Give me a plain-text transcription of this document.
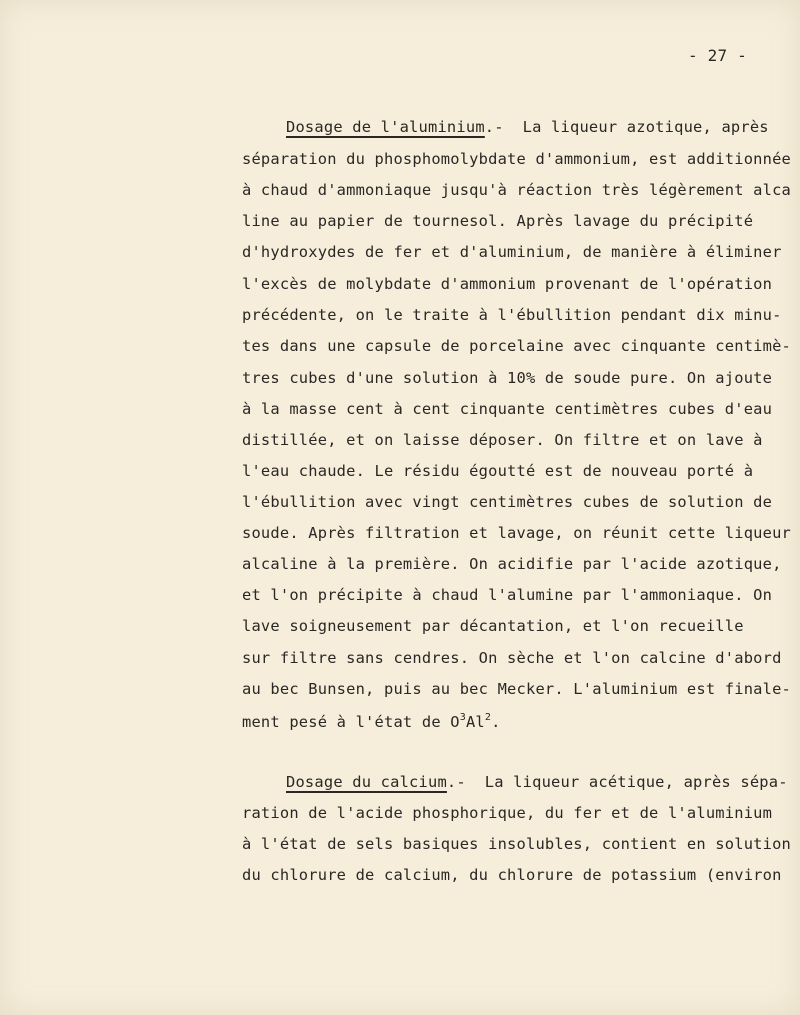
- 27 -
Dosage de l'aluminium.-  La liqueur azotique, après
séparation du phosphomolybdate d'ammonium, est additionnée
à chaud d'ammoniaque jusqu'à réaction très légèrement alca
line au papier de tournesol. Après lavage du précipité
d'hydroxydes de fer et d'aluminium, de manière à éliminer
l'excès de molybdate d'ammonium provenant de l'opération
précédente, on le traite à l'ébullition pendant dix minu-
tes dans une capsule de porcelaine avec cinquante centimè-
tres cubes d'une solution à 10% de soude pure. On ajoute
à la masse cent à cent cinquante centimètres cubes d'eau
distillée, et on laisse déposer. On filtre et on lave à
l'eau chaude. Le résidu égoutté est de nouveau porté à
l'ébullition avec vingt centimètres cubes de solution de
soude. Après filtration et lavage, on réunit cette liqueur
alcaline à la première. On acidifie par l'acide azotique,
et l'on précipite à chaud l'alumine par l'ammoniaque. On
lave soigneusement par décantation, et l'on recueille
sur filtre sans cendres. On sèche et l'on calcine d'abord
au bec Bunsen, puis au bec Mecker. L'aluminium est finale-
ment pesé à l'état de $O^3Al^2$.
Dosage du calcium.-  La liqueur acétique, après sépa-
ration de l'acide phosphorique, du fer et de l'aluminium
à l'état de sels basiques insolubles, contient en solution
du chlorure de calcium, du chlorure de potassium (environ
